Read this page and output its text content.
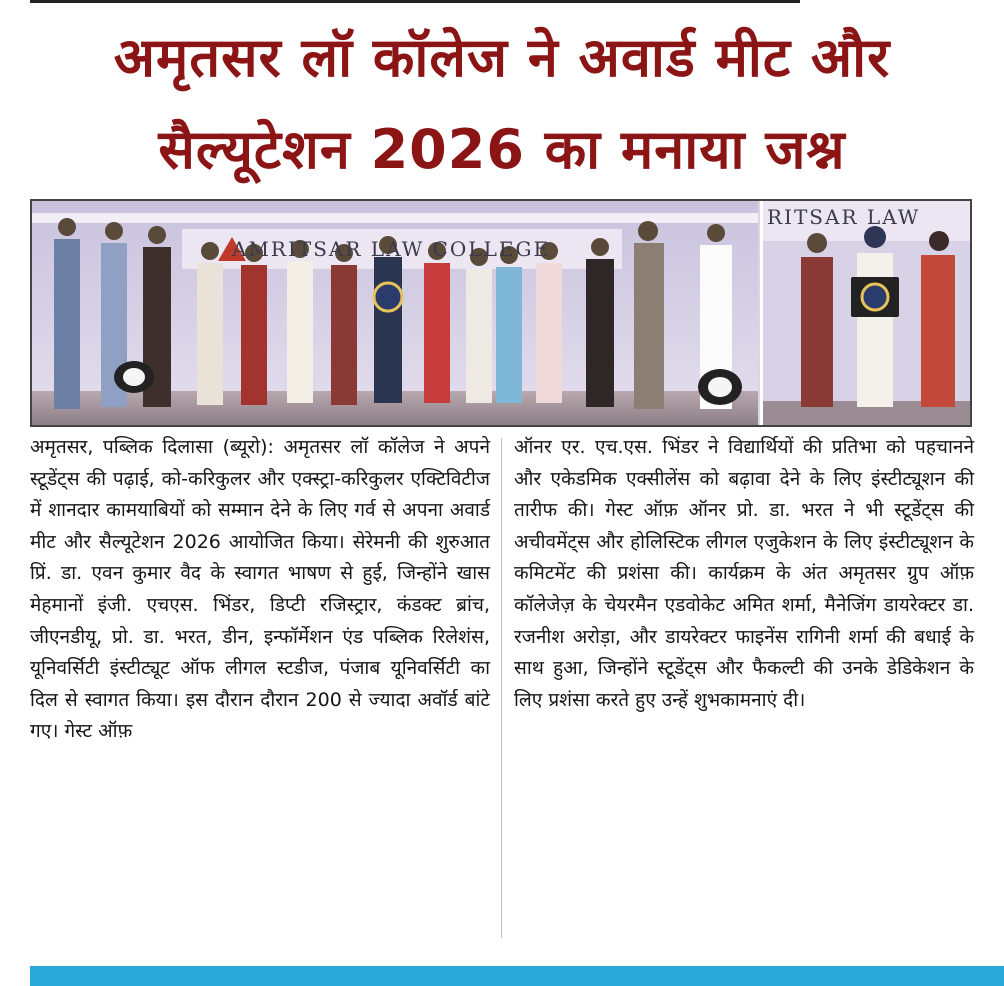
अमृतसर लॉ कॉलेज ने अवार्ड मीट और
सैल्यूटेशन 2026 का मनाया जश्न
AMRITSAR LAW COLLEGE
RITSAR LAW
अमृतसर, पब्लिक दिलासा (ब्यूरो): अमृतसर लॉ कॉलेज ने अपने स्टूडेंट्स की पढ़ाई, को-करिकुलर और एक्स्ट्रा-करिकुलर एक्टिविटीज में शानदार कामयाबियों को सम्मान देने के लिए गर्व से अपना अवार्ड मीट और सैल्यूटेशन 2026 आयोजित किया। सेरेमनी की शुरुआत प्रिं. डा. एवन कुमार वैद के स्वागत भाषण से हुई, जिन्होंने खास मेहमानों इंजी. एचएस. भिंडर, डिप्टी रजिस्ट्रार, कंडक्ट ब्रांच, जीएनडीयू, प्रो. डा. भरत, डीन, इन्फॉर्मेशन एंड पब्लिक रिलेशंस, यूनिवर्सिटी इंस्टीट्यूट ऑफ लीगल स्टडीज, पंजाब यूनिवर्सिटी का दिल से स्वागत किया। इस दौरान दौरान 200 से ज्यादा अवॉर्ड बांटे गए। गेस्ट ऑफ़
ऑनर एर. एच.एस. भिंडर ने विद्यार्थियों की प्रतिभा को पहचानने और एकेडमिक एक्सीलेंस को बढ़ावा देने के लिए इंस्टीट्यूशन की तारीफ की। गेस्ट ऑफ़ ऑनर प्रो. डा. भरत ने भी स्टूडेंट्स की अचीवमेंट्स और होलिस्टिक लीगल एजुकेशन के लिए इंस्टीट्यूशन के कमिटमेंट की प्रशंसा की। कार्यक्रम के अंत अमृतसर ग्रुप ऑफ़ कॉलेजेज़ के चेयरमैन एडवोकेट अमित शर्मा, मैनेजिंग डायरेक्टर डा. रजनीश अरोड़ा, और डायरेक्टर फाइनेंस रागिनी शर्मा की बधाई के साथ हुआ, जिन्होंने स्टूडेंट्स और फैकल्टी की उनके डेडिकेशन के लिए प्रशंसा करते हुए उन्हें शुभकामनाएं दी।
